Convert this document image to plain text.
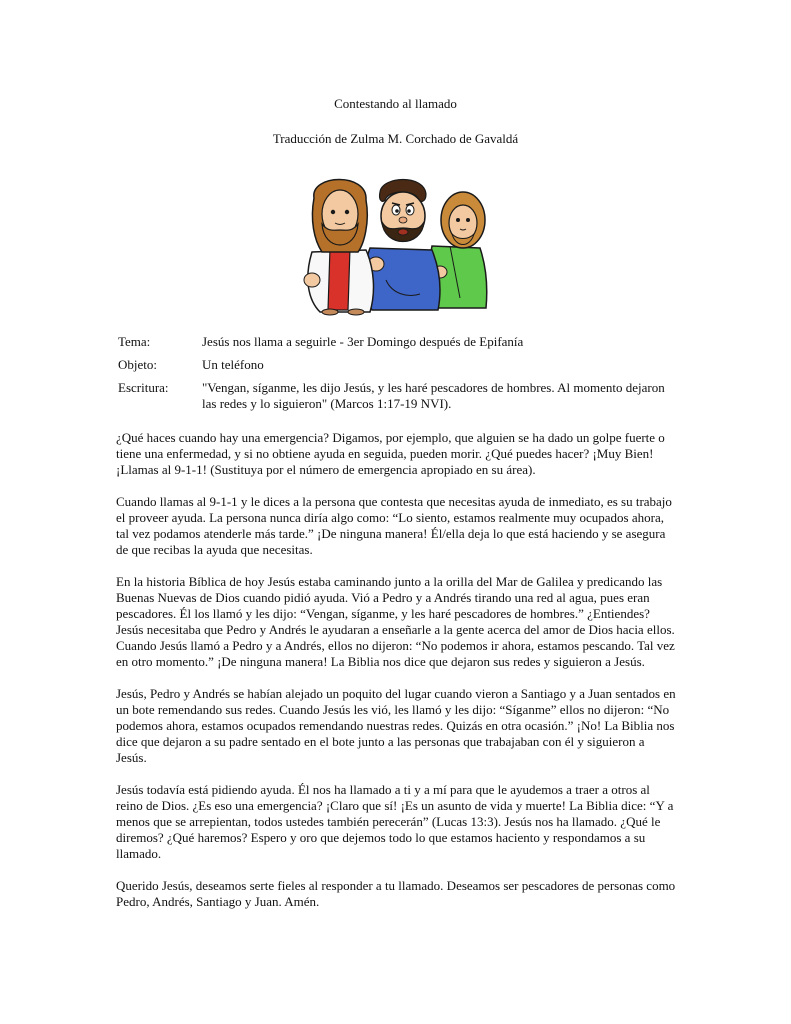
Contestando al llamado
Traducción de Zulma M. Corchado de Gavaldá
Tema:	Jesús nos llama a seguirle - 3er Domingo después de Epifanía
Objeto:	Un teléfono
Escritura:	"Vengan, síganme, les dijo Jesús, y les haré pescadores de hombres. Al momento dejaron las redes y lo siguieron" (Marcos 1:17-19 NVI).

¿Qué haces cuando hay una emergencia? Digamos, por ejemplo, que alguien se ha dado un golpe fuerte o tiene una enfermedad, y si no obtiene ayuda en seguida, pueden morir. ¿Qué puedes hacer? ¡Muy Bien! ¡Llamas al 9-1-1! (Sustituya por el número de emergencia apropiado en su área).

Cuando llamas al 9-1-1 y le dices a la persona que contesta que necesitas ayuda de inmediato, es su trabajo el proveer ayuda. La persona nunca diría algo como: “Lo siento, estamos realmente muy ocupados ahora, tal vez podamos atenderle más tarde.” ¡De ninguna manera! Él/ella deja lo que está haciendo y se asegura de que recibas la ayuda que necesitas.

En la historia Bíblica de hoy Jesús estaba caminando junto a la orilla del Mar de Galilea y predicando las Buenas Nuevas de Dios cuando pidió ayuda. Vió a Pedro y a Andrés tirando una red al agua, pues eran pescadores. Él los llamó y les dijo: “Vengan, síganme, y les haré pescadores de hombres.” ¿Entiendes? Jesús necesitaba que Pedro y Andrés le ayudaran a enseñarle a la gente acerca del amor de Dios hacia ellos. Cuando Jesús llamó a Pedro y a Andrés, ellos no dijeron: “No podemos ir ahora, estamos pescando. Tal vez en otro momento.” ¡De ninguna manera! La Biblia nos dice que dejaron sus redes y siguieron a Jesús.

Jesús, Pedro y Andrés se habían alejado un poquito del lugar cuando vieron a Santiago y a Juan sentados en un bote remendando sus redes. Cuando Jesús les vió, les llamó y les dijo: “Síganme” ellos no dijeron: “No podemos ahora, estamos ocupados remendando nuestras redes. Quizás en otra ocasión.” ¡No! La Biblia nos dice que dejaron a su padre sentado en el bote junto a las personas que trabajaban con él y siguieron a Jesús.

Jesús todavía está pidiendo ayuda. Él nos ha llamado a ti y a mí para que le ayudemos a traer a otros al reino de Dios. ¿Es eso una emergencia? ¡Claro que sí! ¡Es un asunto de vida y muerte! La Biblia dice: “Y a menos que se arrepientan, todos ustedes también perecerán” (Lucas 13:3). Jesús nos ha llamado. ¿Qué le diremos? ¿Qué haremos? Espero y oro que dejemos todo lo que estamos haciento y respondamos a su llamado.

Querido Jesús, deseamos serte fieles al responder a tu llamado. Deseamos ser pescadores de personas como Pedro, Andrés, Santiago y Juan. Amén.
